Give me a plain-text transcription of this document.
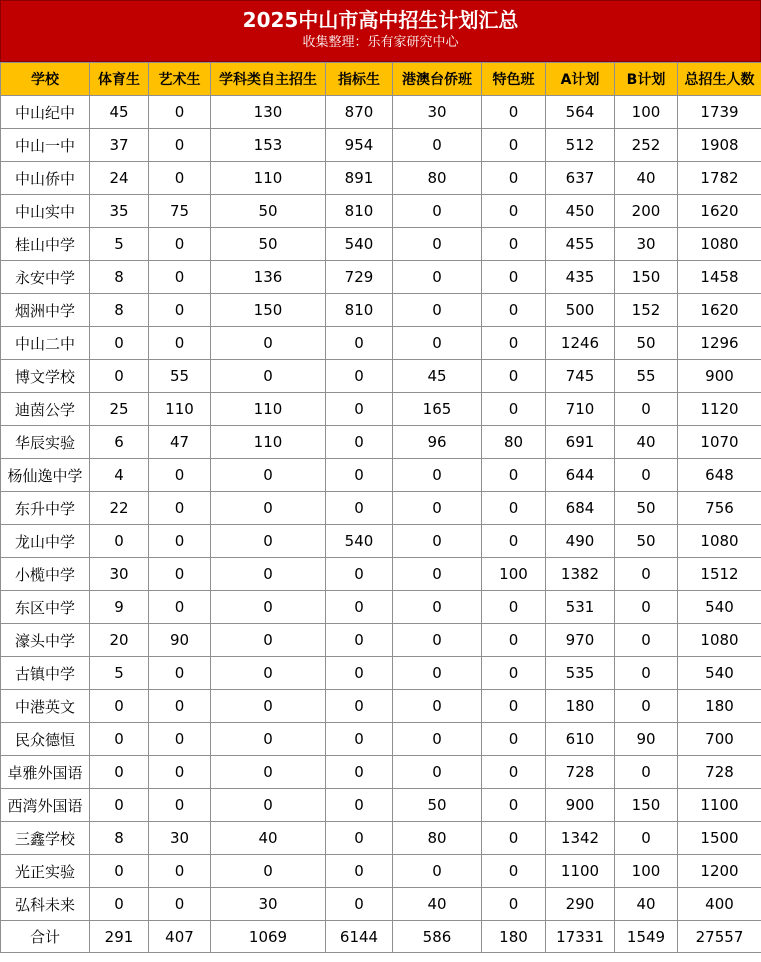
2025中山市高中招生计划汇总
收集整理：乐有家研究中心
学校	体育生	艺术生	学科类自主招生	指标生	港澳台侨班	特色班	A计划	B计划	总招生人数
中山纪中	45	0	130	870	30	0	564	100	1739
中山一中	37	0	153	954	0	0	512	252	1908
中山侨中	24	0	110	891	80	0	637	40	1782
中山实中	35	75	50	810	0	0	450	200	1620
桂山中学	5	0	50	540	0	0	455	30	1080
永安中学	8	0	136	729	0	0	435	150	1458
烟洲中学	8	0	150	810	0	0	500	152	1620
中山二中	0	0	0	0	0	0	1246	50	1296
博文学校	0	55	0	0	45	0	745	55	900
迪茵公学	25	110	110	0	165	0	710	0	1120
华辰实验	6	47	110	0	96	80	691	40	1070
杨仙逸中学	4	0	0	0	0	0	644	0	648
东升中学	22	0	0	0	0	0	684	50	756
龙山中学	0	0	0	540	0	0	490	50	1080
小榄中学	30	0	0	0	0	100	1382	0	1512
东区中学	9	0	0	0	0	0	531	0	540
濠头中学	20	90	0	0	0	0	970	0	1080
古镇中学	5	0	0	0	0	0	535	0	540
中港英文	0	0	0	0	0	0	180	0	180
民众德恒	0	0	0	0	0	0	610	90	700
卓雅外国语	0	0	0	0	0	0	728	0	728
西湾外国语	0	0	0	0	50	0	900	150	1100
三鑫学校	8	30	40	0	80	0	1342	0	1500
光正实验	0	0	0	0	0	0	1100	100	1200
弘科未来	0	0	30	0	40	0	290	40	400
合计	291	407	1069	6144	586	180	17331	1549	27557
